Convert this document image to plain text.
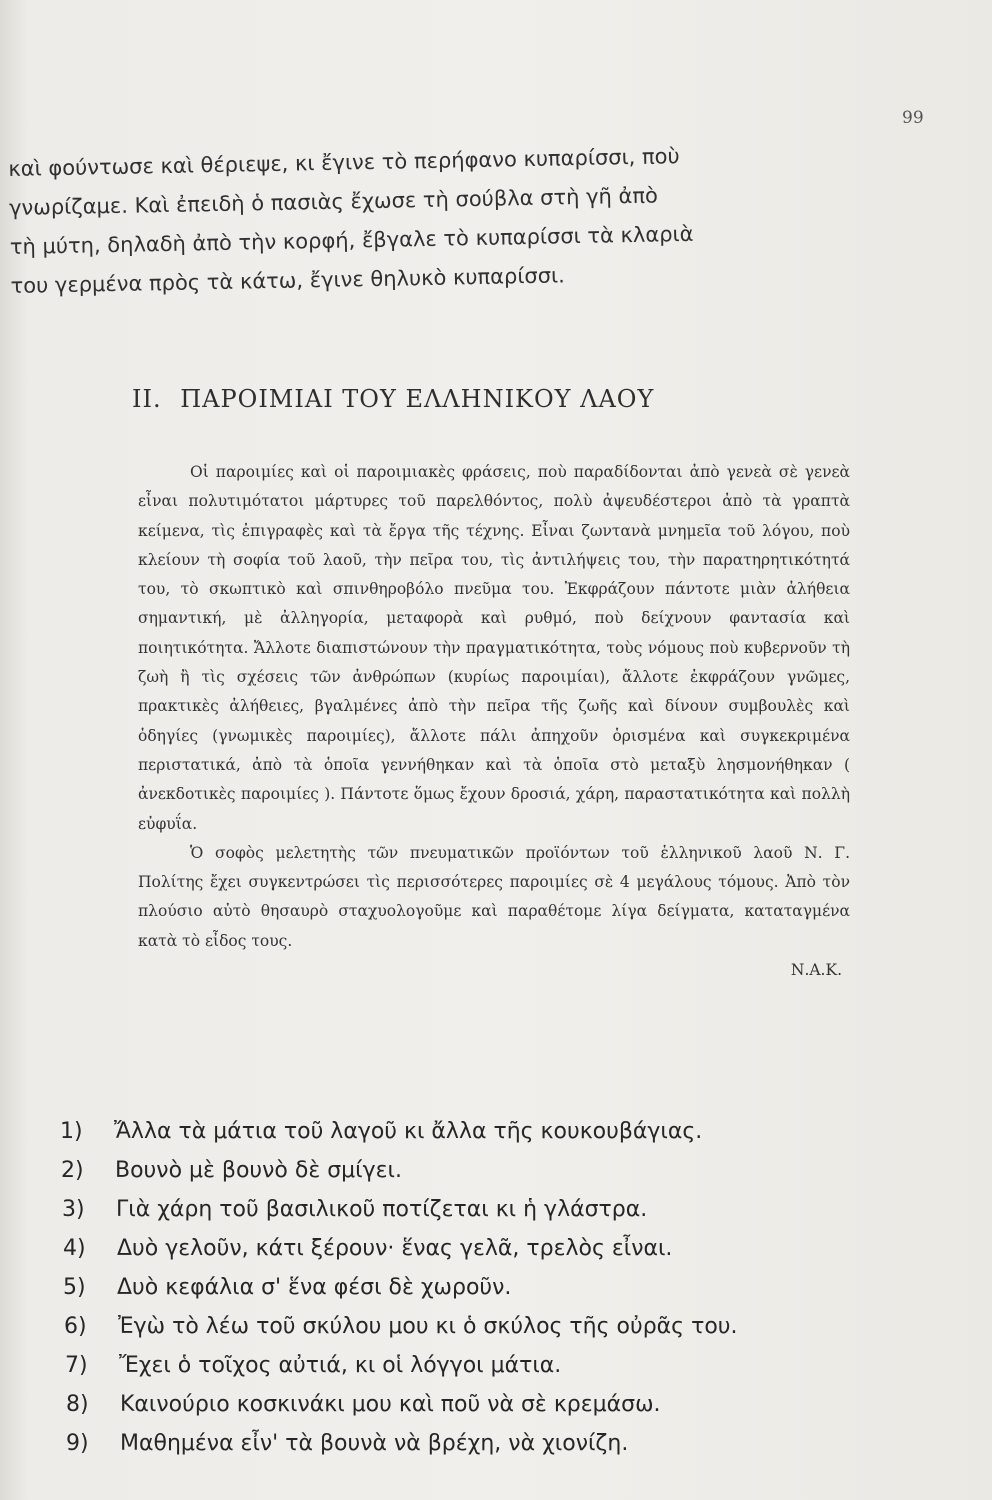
99

καὶ φούντωσε καὶ θέριεψε, κι ἔγινε τὸ περήφανο κυπαρίσσι, ποὺ

γνωρίζαμε. Καὶ ἐπειδὴ ὁ πασιὰς ἔχωσε τὴ σούβλα στὴ γῆ ἀπὸ

τὴ μύτη, δηλαδὴ ἀπὸ τὴν κορφή, ἔβγαλε τὸ κυπαρίσσι τὰ κλαριὰ

του γερμένα πρὸς τὰ κάτω, ἔγινε θηλυκὸ κυπαρίσσι.

II. ΠΑΡΟΙΜΙΑΙ ΤΟΥ ΕΛΛΗΝΙΚΟΥ ΛΑΟΥ

Οἱ παροιμίες καὶ οἱ παροιμιακὲς φράσεις, ποὺ παραδίδονται ἀπὸ γενεὰ σὲ γενεὰ εἶναι πολυτιμότατοι μάρτυρες τοῦ παρελθόντος, πολὺ ἀψευδέστεροι ἀπὸ τὰ γραπτὰ κείμενα, τὶς ἐπιγραφὲς καὶ τὰ ἔργα τῆς τέχνης. Εἶναι ζωντανὰ μνημεῖα τοῦ λόγου, ποὺ κλείουν τὴ σοφία τοῦ λαοῦ, τὴν πεῖρα του, τὶς ἀντιλήψεις του, τὴν παρατηρητικότητά του, τὸ σκωπτικὸ καὶ σπινθηροβόλο πνεῦμα του. Ἐκφράζουν πάντοτε μιὰν ἀλήθεια σημαντική, μὲ ἀλληγορία, μεταφορὰ καὶ ρυθμό, ποὺ δείχνουν φαντασία καὶ ποιητικότητα. Ἄλλοτε διαπιστώνουν τὴν πραγματικότητα, τοὺς νόμους ποὺ κυβερνοῦν τὴ ζωὴ ἢ τὶς σχέσεις τῶν ἀνθρώπων (κυρίως παροιμίαι), ἄλλοτε ἐκφράζουν γνῶμες, πρακτικὲς ἀλήθειες, βγαλμένες ἀπὸ τὴν πεῖρα τῆς ζωῆς καὶ δίνουν συμβουλὲς καὶ ὁδηγίες (γνωμικὲς παροιμίες), ἄλλοτε πάλι ἀπηχοῦν ὁρισμένα καὶ συγκεκριμένα περιστατικά, ἀπὸ τὰ ὁποῖα γεννήθηκαν καὶ τὰ ὁποῖα στὸ μεταξὺ λησμονήθηκαν ( ἀνεκδοτικὲς παροιμίες ). Πάντοτε ὅμως ἔχουν δροσιά, χάρη, παραστατικότητα καὶ πολλὴ εὐφυΐα.

Ὁ σοφὸς μελετητὴς τῶν πνευματικῶν προϊόντων τοῦ ἑλληνικοῦ λαοῦ Ν. Γ. Πολίτης ἔχει συγκεντρώσει τὶς περισσότερες παροιμίες σὲ 4 μεγάλους τόμους. Ἀπὸ τὸν πλούσιο αὐτὸ θησαυρὸ σταχυολογοῦμε καὶ παραθέτομε λίγα δείγματα, καταταγμένα κατὰ τὸ εἶδος τους.

Ν.Α.Κ.
1)	Ἄλλα τὰ μάτια τοῦ λαγοῦ κι ἄλλα τῆς κουκουβάγιας.
2)	Βουνὸ μὲ βουνὸ δὲ σμίγει.
3)	Γιὰ χάρη τοῦ βασιλικοῦ ποτίζεται κι ἡ γλάστρα.
4)	Δυὸ γελοῦν, κάτι ξέρουν· ἕνας γελᾶ, τρελὸς εἶναι.
5)	Δυὸ κεφάλια σ' ἕνα φέσι δὲ χωροῦν.
6)	Ἐγὼ τὸ λέω τοῦ σκύλου μου κι ὁ σκύλος τῆς οὐρᾶς του.
7)	Ἔχει ὁ τοῖχος αὐτιά, κι οἱ λόγγοι μάτια.
8)	Καινούριο κοσκινάκι μου καὶ ποῦ νὰ σὲ κρεμάσω.
9)	Μαθημένα εἶν' τὰ βουνὰ νὰ βρέχη, νὰ χιονίζη.
